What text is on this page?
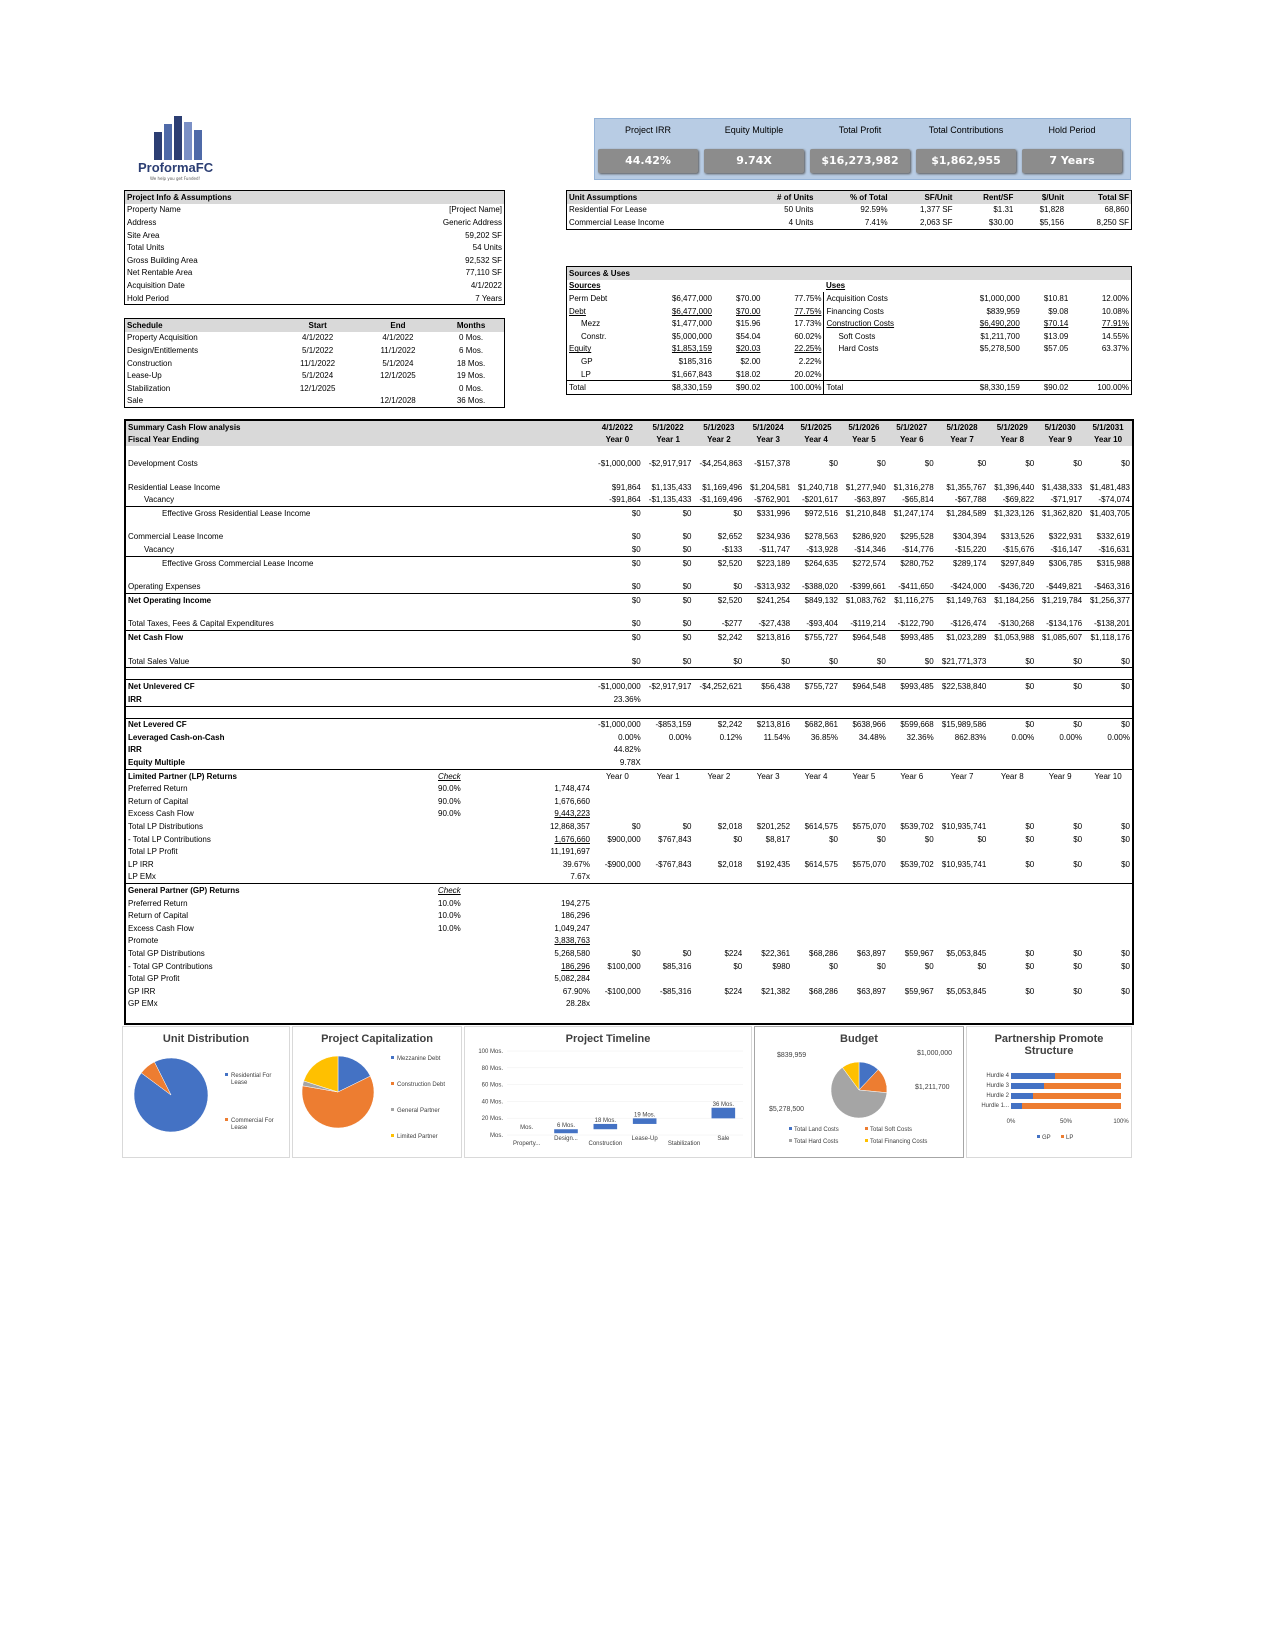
ProformaFC
We help you get Funded!
Project IRR	Equity Multiple	Total Profit	Total Contributions	Hold Period
44.42%	9.74X	$16,273,982	$1,862,955	7 Years
Project Info & Assumptions	
Property Name	[Project Name]
Address	Generic Address
Site Area	59,202 SF
Total Units	54 Units
Gross Building Area	92,532 SF
Net Rentable Area	77,110 SF
Acquisition Date	4/1/2022
Hold Period	7 Years
Schedule	Start	End	Months
Property Acquisition	4/1/2022	4/1/2022	0 Mos.
Design/Entitlements	5/1/2022	11/1/2022	6 Mos.
Construction	11/1/2022	5/1/2024	18 Mos.
Lease-Up	5/1/2024	12/1/2025	19 Mos.
Stabilization	12/1/2025		0 Mos.
Sale		12/1/2028	36 Mos.
Unit Assumptions	# of Units	% of Total	SF/Unit	Rent/SF	$/Unit	Total SF
Residential For Lease	50 Units	92.59%	1,377 SF	$1.31	$1,828	68,860
Commercial Lease Income	4 Units	7.41%	2,063 SF	$30.00	$5,156	8,250 SF
Sources & Uses							
Sources				Uses			
Perm Debt	$6,477,000	$70.00	77.75%	Acquisition Costs	$1,000,000	$10.81	12.00%
Debt	$6,477,000	$70.00	77.75%	Financing Costs	$839,959	$9.08	10.08%
Mezz	$1,477,000	$15.96	17.73%	Construction Costs	$6,490,200	$70.14	77.91%
Constr.	$5,000,000	$54.04	60.02%	Soft Costs	$1,211,700	$13.09	14.55%
Equity	$1,853,159	$20.03	22.25%	Hard Costs	$5,278,500	$57.05	63.37%
GP	$185,316	$2.00	2.22%				
LP	$1,667,843	$18.02	20.02%				
Total	$8,330,159	$90.02	100.00%	Total	$8,330,159	$90.02	100.00%
Summary Cash Flow analysis				4/1/2022	5/1/2022	5/1/2023	5/1/2024	5/1/2025	5/1/2026	5/1/2027	5/1/2028	5/1/2029	5/1/2030	5/1/2031
Fiscal Year Ending				Year 0	Year 1	Year 2	Year 3	Year 4	Year 5	Year 6	Year 7	Year 8	Year 9	Year 10

Development Costs				-$1,000,000	-$2,917,917	-$4,254,863	-$157,378	$0	$0	$0	$0	$0	$0	$0

Residential Lease Income				$91,864	$1,135,433	$1,169,496	$1,204,581	$1,240,718	$1,277,940	$1,316,278	$1,355,767	$1,396,440	$1,438,333	$1,481,483
Vacancy				-$91,864	-$1,135,433	-$1,169,496	-$762,901	-$201,617	-$63,897	-$65,814	-$67,788	-$69,822	-$71,917	-$74,074
Effective Gross Residential Lease Income				$0	$0	$0	$331,996	$972,516	$1,210,848	$1,247,174	$1,284,589	$1,323,126	$1,362,820	$1,403,705

Commercial Lease Income				$0	$0	$2,652	$234,936	$278,563	$286,920	$295,528	$304,394	$313,526	$322,931	$332,619
Vacancy				$0	$0	-$133	-$11,747	-$13,928	-$14,346	-$14,776	-$15,220	-$15,676	-$16,147	-$16,631
Effective Gross Commercial Lease Income				$0	$0	$2,520	$223,189	$264,635	$272,574	$280,752	$289,174	$297,849	$306,785	$315,988

Operating Expenses				$0	$0	$0	-$313,932	-$388,020	-$399,661	-$411,650	-$424,000	-$436,720	-$449,821	-$463,316
Net Operating Income				$0	$0	$2,520	$241,254	$849,132	$1,083,762	$1,116,275	$1,149,763	$1,184,256	$1,219,784	$1,256,377

Total Taxes, Fees & Capital Expenditures				$0	$0	-$277	-$27,438	-$93,404	-$119,214	-$122,790	-$126,474	-$130,268	-$134,176	-$138,201
Net Cash Flow				$0	$0	$2,242	$213,816	$755,727	$964,548	$993,485	$1,023,289	$1,053,988	$1,085,607	$1,118,176

Total Sales Value				$0	$0	$0	$0	$0	$0	$0	$21,771,373	$0	$0	$0

Net Unlevered CF				-$1,000,000	-$2,917,917	-$4,252,621	$56,438	$755,727	$964,548	$993,485	$22,538,840	$0	$0	$0
IRR				23.36%										

Net Levered CF				-$1,000,000	-$853,159	$2,242	$213,816	$682,861	$638,966	$599,668	$15,989,586	$0	$0	$0
Leveraged Cash-on-Cash				0.00%	0.00%	0.12%	11.54%	36.85%	34.48%	32.36%	862.83%	0.00%	0.00%	0.00%
IRR				44.82%										
Equity Multiple				9.78X										
Limited Partner (LP) Returns	Check			Year 0	Year 1	Year 2	Year 3	Year 4	Year 5	Year 6	Year 7	Year 8	Year 9	Year 10
Preferred Return	90.0%	1,748,474												
Return of Capital	90.0%	1,676,660												
Excess Cash Flow	90.0%	9,443,223												
Total LP Distributions		12,868,357		$0	$0	$2,018	$201,252	$614,575	$575,070	$539,702	$10,935,741	$0	$0	$0
- Total LP Contributions		1,676,660		$900,000	$767,843	$0	$8,817	$0	$0	$0	$0	$0	$0	$0
Total LP Profit		11,191,697												
LP IRR		39.67%		-$900,000	-$767,843	$2,018	$192,435	$614,575	$575,070	$539,702	$10,935,741	$0	$0	$0
LP EMx		7.67x												
General Partner (GP) Returns	Check													
Preferred Return	10.0%	194,275												
Return of Capital	10.0%	186,296												
Excess Cash Flow	10.0%	1,049,247												
Promote		3,838,763												
Total GP Distributions		5,268,580		$0	$0	$224	$22,361	$68,286	$63,897	$59,967	$5,053,845	$0	$0	$0
- Total GP Contributions		186,296		$100,000	$85,316	$0	$980	$0	$0	$0	$0	$0	$0	$0
Total GP Profit		5,082,284												
GP IRR		67.90%		-$100,000	-$85,316	$224	$21,382	$68,286	$63,897	$59,967	$5,053,845	$0	$0	$0
GP EMx		28.28x												
Unit Distribution
Residential For
Lease
Commercial For
Lease
Project Capitalization
Mezzanine Debt
Construction Debt
General Partner
Limited Partner
Project Timeline
100 Mos.
80 Mos.
60 Mos.
40 Mos.
20 Mos.
Mos.
Mos.
Property...
6 Mos.
Design...
18 Mos.
Construction
19 Mos.
Lease-Up
Stabilization
36 Mos.
Sale
Budget
$1,000,000
$1,211,700
$5,278,500
$839,959
Total Land Costs	Total Soft Costs
Total Hard Costs	Total Financing Costs
Partnership Promote Structure
Hurdle 4
Hurdle 3
Hurdle 2
Hurdle 1...
0%	50%	100%
GP	LP
